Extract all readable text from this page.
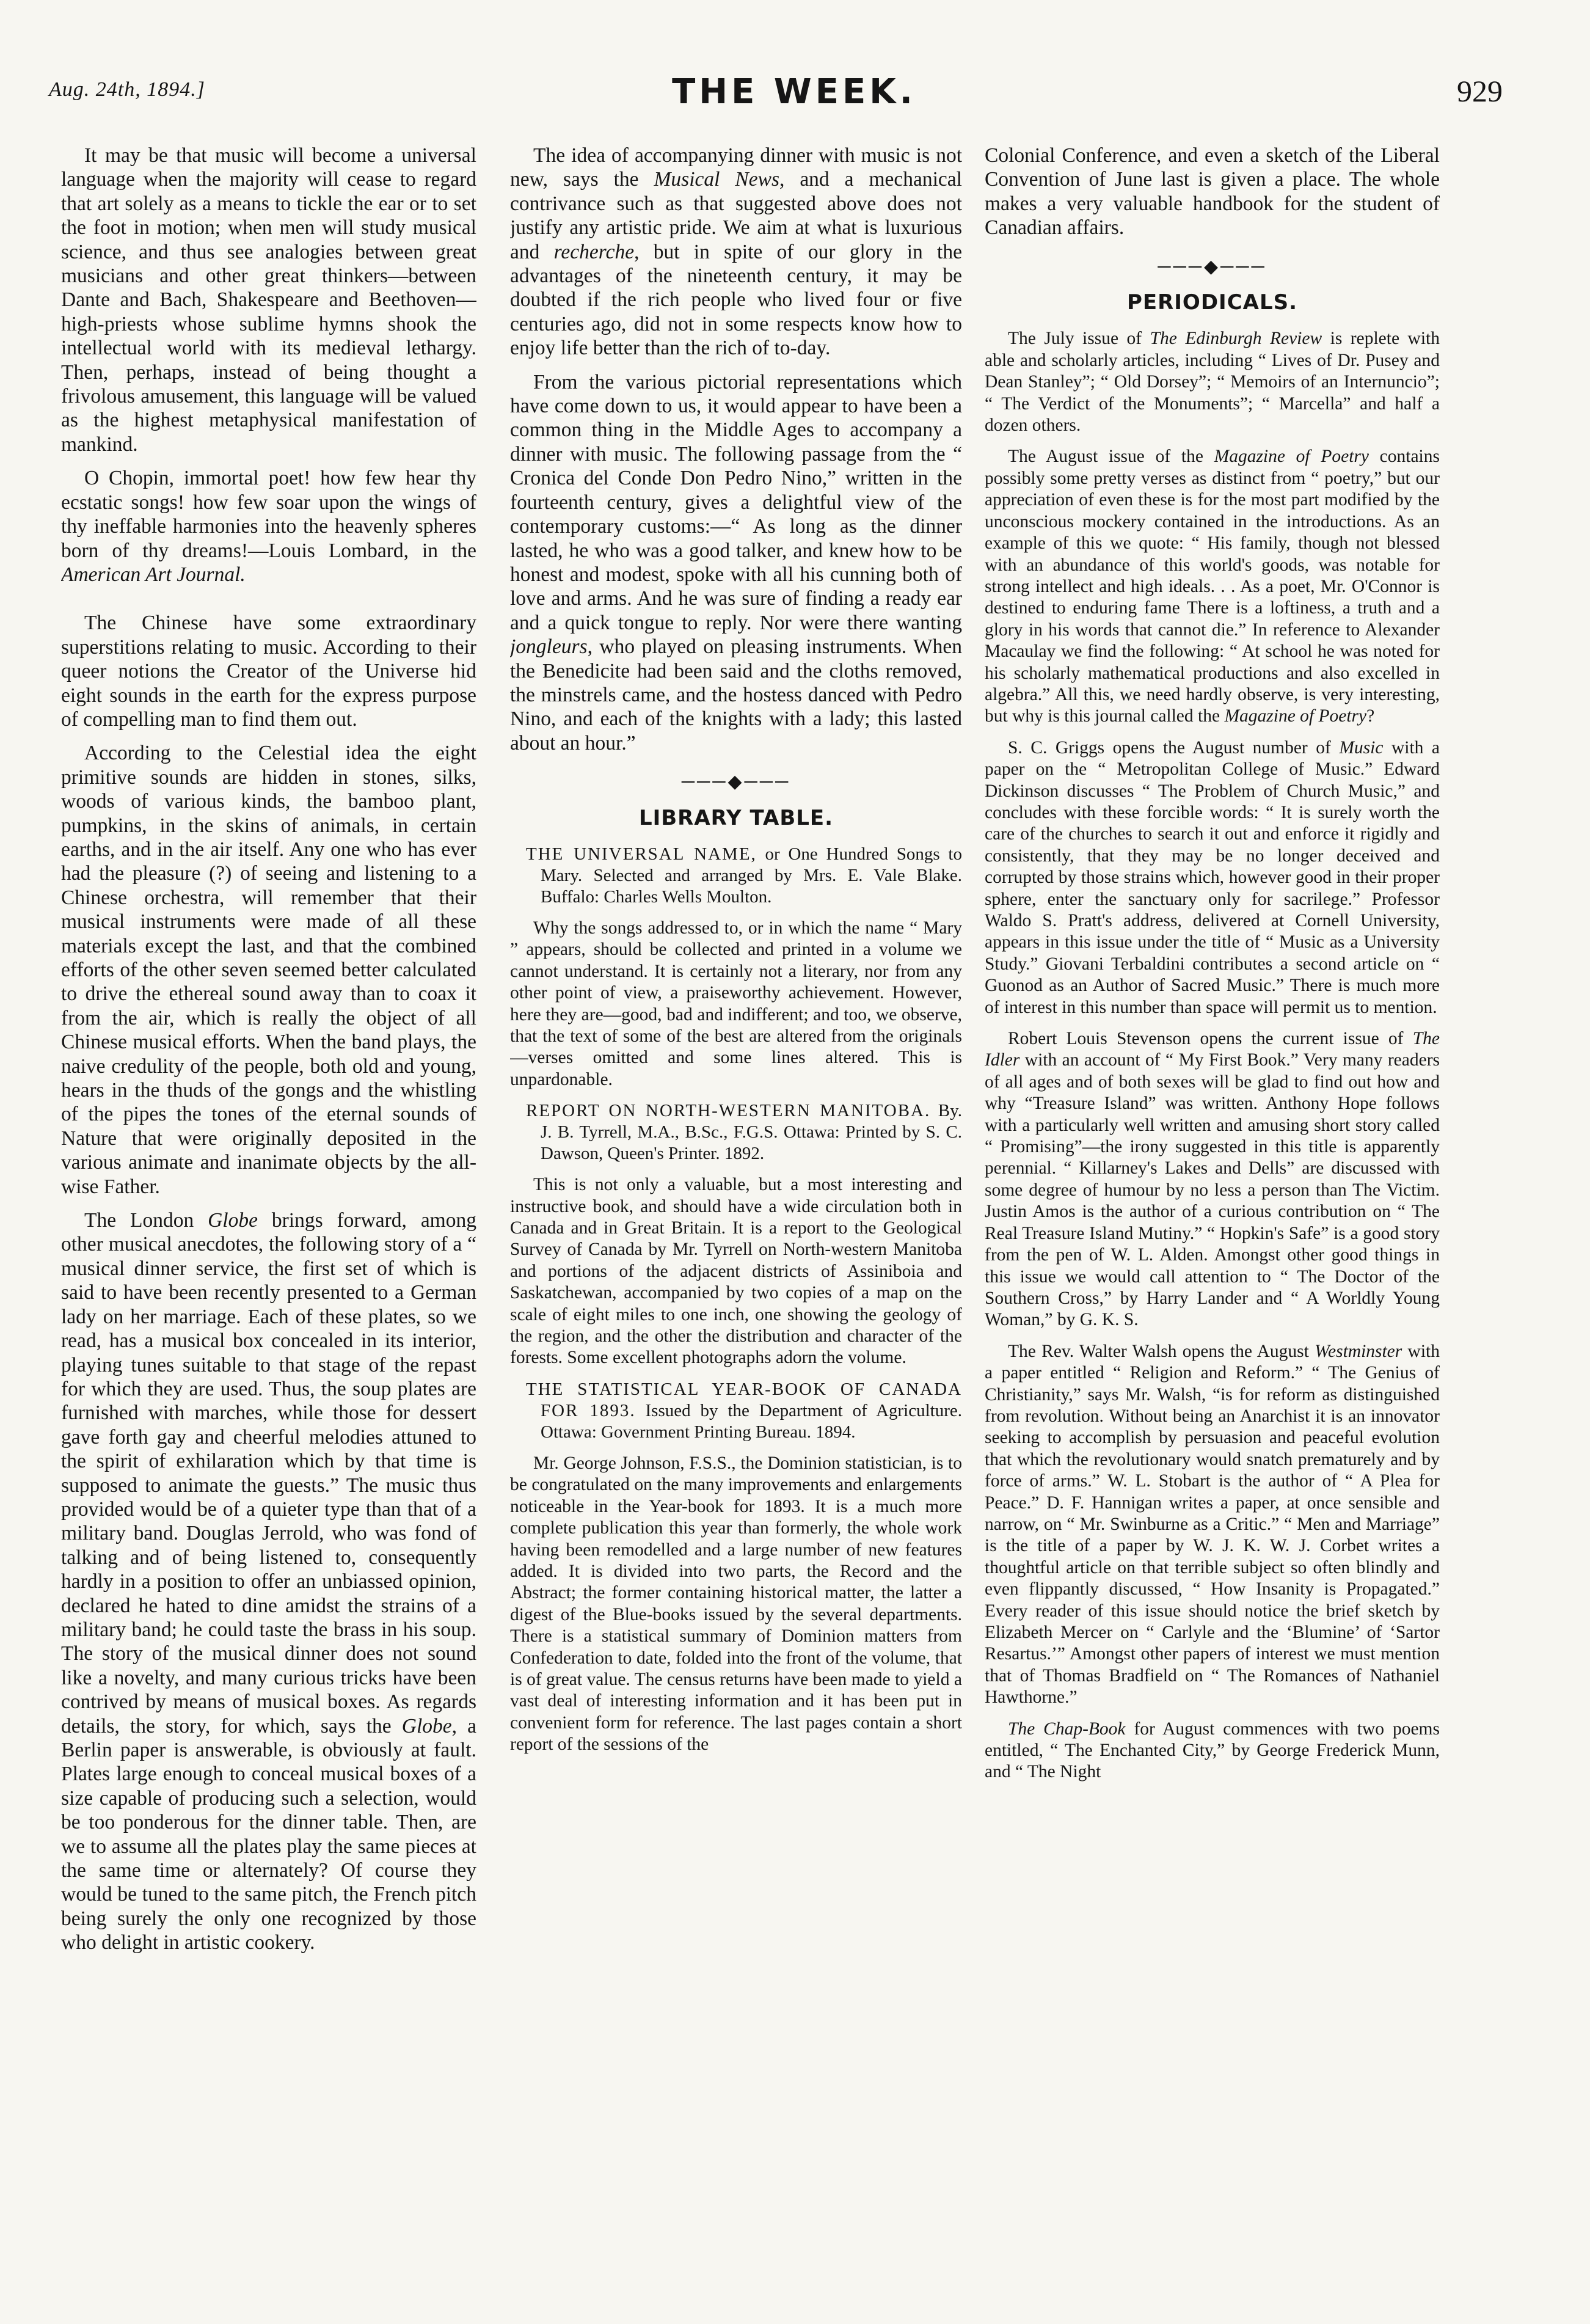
Aug. 24th, 1894.]	THE WEEK.	929

It may be that music will become a universal language when the majority will cease to regard that art solely as a means to tickle the ear or to set the foot in motion; when men will study musical science, and thus see analogies between great musicians and other great thinkers—between Dante and Bach, Shakespeare and Beethoven—high-priests whose sublime hymns shook the intellectual world with its medieval lethargy. Then, perhaps, instead of being thought a frivolous amusement, this language will be valued as the highest metaphysical manifestation of mankind.

O Chopin, immortal poet! how few hear thy ecstatic songs! how few soar upon the wings of thy ineffable harmonies into the heavenly spheres born of thy dreams!—Louis Lombard, in the American Art Journal.

The Chinese have some extraordinary superstitions relating to music. According to their queer notions the Creator of the Universe hid eight sounds in the earth for the express purpose of compelling man to find them out.

According to the Celestial idea the eight primitive sounds are hidden in stones, silks, woods of various kinds, the bamboo plant, pumpkins, in the skins of animals, in certain earths, and in the air itself. Any one who has ever had the pleasure (?) of seeing and listening to a Chinese orchestra, will remember that their musical instruments were made of all these materials except the last, and that the combined efforts of the other seven seemed better calculated to drive the ethereal sound away than to coax it from the air, which is really the object of all Chinese musical efforts. When the band plays, the naive credulity of the people, both old and young, hears in the thuds of the gongs and the whistling of the pipes the tones of the eternal sounds of Nature that were originally deposited in the various animate and inanimate objects by the all-wise Father.

The London Globe brings forward, among other musical anecdotes, the following story of a “ musical dinner service, the first set of which is said to have been recently presented to a German lady on her marriage. Each of these plates, so we read, has a musical box concealed in its interior, playing tunes suitable to that stage of the repast for which they are used. Thus, the soup plates are furnished with marches, while those for dessert gave forth gay and cheerful melodies attuned to the spirit of exhilaration which by that time is supposed to animate the guests.” The music thus provided would be of a quieter type than that of a military band. Douglas Jerrold, who was fond of talking and of being listened to, consequently hardly in a position to offer an unbiassed opinion, declared he hated to dine amidst the strains of a military band; he could taste the brass in his soup. The story of the musical dinner does not sound like a novelty, and many curious tricks have been contrived by means of musical boxes. As regards details, the story, for which, says the Globe, a Berlin paper is answerable, is obviously at fault. Plates large enough to conceal musical boxes of a size capable of producing such a selection, would be too ponderous for the dinner table. Then, are we to assume all the plates play the same pieces at the same time or alternately? Of course they would be tuned to the same pitch, the French pitch being surely the only one recognized by those who delight in artistic cookery.

The idea of accompanying dinner with music is not new, says the Musical News, and a mechanical contrivance such as that suggested above does not justify any artistic pride. We aim at what is luxurious and recherche, but in spite of our glory in the advantages of the nineteenth century, it may be doubted if the rich people who lived four or five centuries ago, did not in some respects know how to enjoy life better than the rich of to-day.

From the various pictorial representations which have come down to us, it would appear to have been a common thing in the Middle Ages to accompany a dinner with music. The following passage from the “ Cronica del Conde Don Pedro Nino,” written in the fourteenth century, gives a delightful view of the contemporary customs:—“ As long as the dinner lasted, he who was a good talker, and knew how to be honest and modest, spoke with all his cunning both of love and arms. And he was sure of finding a ready ear and a quick tongue to reply. Nor were there wanting jongleurs, who played on pleasing instruments. When the Benedicite had been said and the cloths removed, the minstrels came, and the hostess danced with Pedro Nino, and each of the knights with a lady; this lasted about an hour.”

───◆───
LIBRARY TABLE.
THE UNIVERSAL NAME, or One Hundred Songs to Mary. Selected and arranged by Mrs. E. Vale Blake. Buffalo: Charles Wells Moulton.

Why the songs addressed to, or in which the name “ Mary ” appears, should be collected and printed in a volume we cannot understand. It is certainly not a literary, nor from any other point of view, a praiseworthy achievement. However, here they are—good, bad and indifferent; and too, we observe, that the text of some of the best are altered from the originals—verses omitted and some lines altered. This is unpardonable.

REPORT ON NORTH-WESTERN MANITOBA. By. J. B. Tyrrell, M.A., B.Sc., F.G.S. Ottawa: Printed by S. C. Dawson, Queen's Printer. 1892.

This is not only a valuable, but a most interesting and instructive book, and should have a wide circulation both in Canada and in Great Britain. It is a report to the Geological Survey of Canada by Mr. Tyrrell on North-western Manitoba and portions of the adjacent districts of Assiniboia and Saskatchewan, accompanied by two copies of a map on the scale of eight miles to one inch, one showing the geology of the region, and the other the distribution and character of the forests. Some excellent photographs adorn the volume.

THE STATISTICAL YEAR-BOOK OF CANADA FOR 1893. Issued by the Department of Agriculture. Ottawa: Government Printing Bureau. 1894.

Mr. George Johnson, F.S.S., the Dominion statistician, is to be congratulated on the many improvements and enlargements noticeable in the Year-book for 1893. It is a much more complete publication this year than formerly, the whole work having been remodelled and a large number of new features added. It is divided into two parts, the Record and the Abstract; the former containing historical matter, the latter a digest of the Blue-books issued by the several departments. There is a statistical summary of Dominion matters from Confederation to date, folded into the front of the volume, that is of great value. The census returns have been made to yield a vast deal of interesting information and it has been put in convenient form for reference. The last pages contain a short report of the sessions of the

Colonial Conference, and even a sketch of the Liberal Convention of June last is given a place. The whole makes a very valuable handbook for the student of Canadian affairs.

───◆───
PERIODICALS.

The July issue of The Edinburgh Review is replete with able and scholarly articles, including “ Lives of Dr. Pusey and Dean Stanley”; “ Old Dorsey”; “ Memoirs of an Internuncio”; “ The Verdict of the Monuments”; “ Marcella” and half a dozen others.

The August issue of the Magazine of Poetry contains possibly some pretty verses as distinct from “ poetry,” but our appreciation of even these is for the most part modified by the unconscious mockery contained in the introductions. As an example of this we quote: “ His family, though not blessed with an abundance of this world's goods, was notable for strong intellect and high ideals. . . As a poet, Mr. O'Connor is destined to enduring fame There is a loftiness, a truth and a glory in his words that cannot die.” In reference to Alexander Macaulay we find the following: “ At school he was noted for his scholarly mathematical productions and also excelled in algebra.” All this, we need hardly observe, is very interesting, but why is this journal called the Magazine of Poetry?

S. C. Griggs opens the August number of Music with a paper on the “ Metropolitan College of Music.” Edward Dickinson discusses “ The Problem of Church Music,” and concludes with these forcible words: “ It is surely worth the care of the churches to search it out and enforce it rigidly and consistently, that they may be no longer deceived and corrupted by those strains which, however good in their proper sphere, enter the sanctuary only for sacrilege.” Professor Waldo S. Pratt's address, delivered at Cornell University, appears in this issue under the title of “ Music as a University Study.” Giovani Terbaldini contributes a second article on “ Guonod as an Author of Sacred Music.” There is much more of interest in this number than space will permit us to mention.

Robert Louis Stevenson opens the current issue of The Idler with an account of “ My First Book.” Very many readers of all ages and of both sexes will be glad to find out how and why “Treasure Island” was written. Anthony Hope follows with a particularly well written and amusing short story called “ Promising”—the irony suggested in this title is apparently perennial. “ Killarney's Lakes and Dells” are discussed with some degree of humour by no less a person than The Victim. Justin Amos is the author of a curious contribution on “ The Real Treasure Island Mutiny.” “ Hopkin's Safe” is a good story from the pen of W. L. Alden. Amongst other good things in this issue we would call attention to “ The Doctor of the Southern Cross,” by Harry Lander and “ A Worldly Young Woman,” by G. K. S.

The Rev. Walter Walsh opens the August Westminster with a paper entitled “ Religion and Reform.” “ The Genius of Christianity,” says Mr. Walsh, “is for reform as distinguished from revolution. Without being an Anarchist it is an innovator seeking to accomplish by persuasion and peaceful evolution that which the revolutionary would snatch prematurely and by force of arms.” W. L. Stobart is the author of “ A Plea for Peace.” D. F. Hannigan writes a paper, at once sensible and narrow, on “ Mr. Swinburne as a Critic.” “ Men and Marriage” is the title of a paper by W. J. K. W. J. Corbet writes a thoughtful article on that terrible subject so often blindly and even flippantly discussed, “ How Insanity is Propagated.” Every reader of this issue should notice the brief sketch by Elizabeth Mercer on “ Carlyle and the ‘Blumine’ of ‘Sartor Resartus.’” Amongst other papers of interest we must mention that of Thomas Bradfield on “ The Romances of Nathaniel Hawthorne.”

The Chap-Book for August commences with two poems entitled, “ The Enchanted City,” by George Frederick Munn, and “ The Night
